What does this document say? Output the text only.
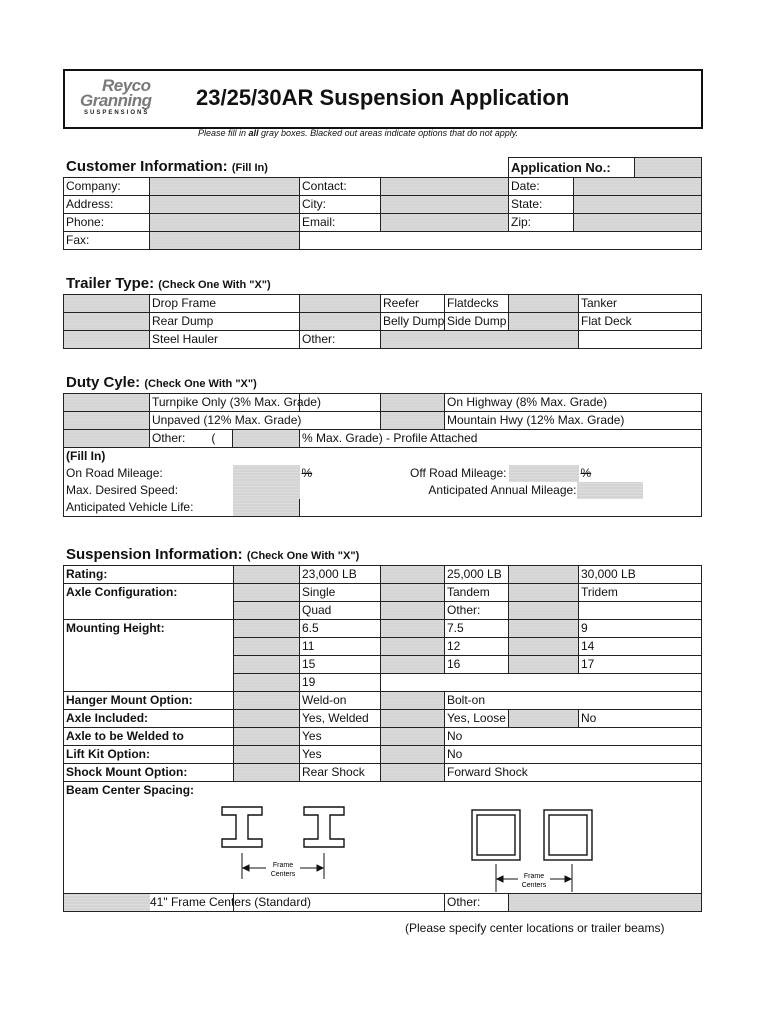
Reyco
Granning
SUSPENSIONS
23/25/30AR Suspension Application
Please fill in all gray boxes. Blacked out areas indicate options that do not apply.
Customer Information: (Fill In)
				Application No.:		
Company:		Contact:		Date:		
Address:		City:		State:		
Phone:		Email:		Zip:		
Fax:						
Trailer Type: (Check One With "X")
	Drop Frame		Reefer	Flatdecks		Tanker
	Rear Dump		Belly Dump	Side Dump		Flat Deck
	Steel Hauler	Other:				
Duty Cyle: (Check One With "X")
	Turnpike Only (3% Max. Grade)				On Highway (8% Max. Grade)		
	Unpaved (12% Max. Grade)				Mountain Hwy (12% Max. Grade)		
	Other: (		% Max. Grade) - Profile Attached				
(Fill In)							
On Road Mileage:			%	Off Road Mileage:			%
Max. Desired Speed:			Anticipated Annual Mileage:				

Anticipated Vehicle Life:							
Suspension Information: (Check One With "X")
Rating:		23,000 LB		25,000 LB		30,000 LB
Axle Configuration:		Single		Tandem		Tridem
		Quad		Other:		
Mounting Height:		6.5		7.5		9
		11		12		14
		15		16		17
		19				
Hanger Mount Option:		Weld-on		Bolt-on		
Axle Included:		Yes, Welded		Yes, Loose		No
Axle to be Welded to		Yes		No		
Lift Kit Option:		Yes		No		
Shock Mount Option:		Rear Shock		Forward Shock		
Beam Center Spacing:						

	41" Frame Centers (Standard)			Other:		
Frame
Centers	Frame
Centers
(Please specify center locations or trailer beams)
